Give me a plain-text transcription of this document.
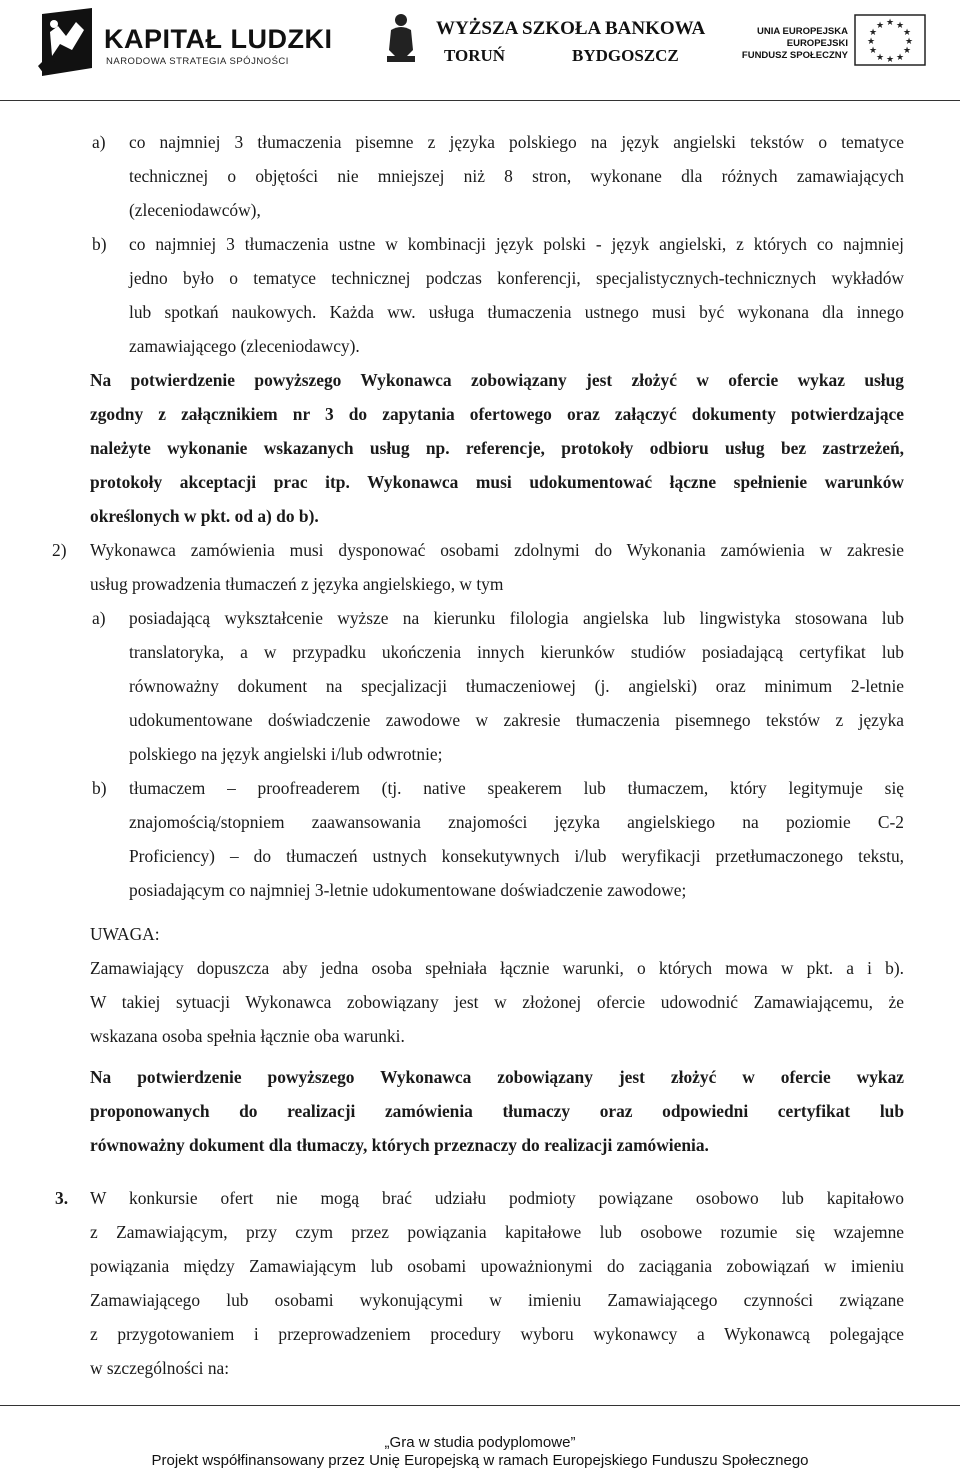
KAPITAŁ LUDZKI
NARODOWA STRATEGIA SPÓJNOŚCI
WYŻSZA SZKOŁA BANKOWA
TORUŃ	BYDGOSZCZ
UNIA EUROPEJSKA
EUROPEJSKI
FUNDUSZ SPOŁECZNY
★ ★
★
★
★
★
★
★
★
★
★
★
a) co najmniej 3 tłumaczenia pisemne z języka polskiego na język angielski tekstów o tematyce
technicznej o objętości nie mniejszej niż 8 stron, wykonane dla różnych zamawiających
(zleceniodawców),
b) co najmniej 3 tłumaczenia ustne w kombinacji język polski - język angielski, z których co najmniej
jedno było o tematyce technicznej podczas konferencji, specjalistycznych-technicznych wykładów
lub spotkań naukowych. Każda ww. usługa tłumaczenia ustnego musi być wykonana dla innego
zamawiającego (zleceniodawcy).
Na potwierdzenie powyższego Wykonawca zobowiązany jest złożyć w ofercie wykaz usług
zgodny z załącznikiem nr 3 do zapytania ofertowego oraz załączyć dokumenty potwierdzające
należyte wykonanie wskazanych usług np. referencje, protokoły odbioru usług bez zastrzeżeń,
protokoły akceptacji prac itp. Wykonawca musi udokumentować łączne spełnienie warunków
określonych w pkt. od a) do b).
2) Wykonawca zamówienia musi dysponować osobami zdolnymi do Wykonania zamówienia w zakresie
usług prowadzenia tłumaczeń z języka angielskiego, w tym
a) posiadającą wykształcenie wyższe na kierunku filologia angielska lub lingwistyka stosowana lub
translatoryka, a w przypadku ukończenia innych kierunków studiów posiadającą certyfikat lub
równoważny dokument na specjalizacji tłumaczeniowej (j. angielski) oraz minimum 2-letnie
udokumentowane doświadczenie zawodowe w zakresie tłumaczenia pisemnego tekstów z języka
polskiego na język angielski i/lub odwrotnie;
b) tłumaczem – proofreaderem (tj. native speakerem lub tłumaczem, który legitymuje się
znajomością/stopniem zaawansowania znajomości języka angielskiego na poziomie C-2
Proficiency) – do tłumaczeń ustnych konsekutywnych i/lub weryfikacji przetłumaczonego tekstu,
posiadającym co najmniej 3-letnie udokumentowane doświadczenie zawodowe;
UWAGA:
Zamawiający dopuszcza aby jedna osoba spełniała łącznie warunki, o których mowa w pkt. a i b).
W takiej sytuacji Wykonawca zobowiązany jest w złożonej ofercie udowodnić Zamawiającemu, że
wskazana osoba spełnia łącznie oba warunki.
Na potwierdzenie powyższego Wykonawca zobowiązany jest złożyć w ofercie wykaz
proponowanych do realizacji zamówienia tłumaczy oraz odpowiedni certyfikat lub
równoważny dokument dla tłumaczy, których przeznaczy do realizacji zamówienia.
3. W konkursie ofert nie mogą brać udziału podmioty powiązane osobowo lub kapitałowo
z Zamawiającym, przy czym przez powiązania kapitałowe lub osobowe rozumie się wzajemne
powiązania między Zamawiającym lub osobami upoważnionymi do zaciągania zobowiązań w imieniu
Zamawiającego lub osobami wykonującymi w imieniu Zamawiającego czynności związane
z przygotowaniem i przeprowadzeniem procedury wyboru wykonawcy a Wykonawcą polegające
w szczególności na:
„Gra w studia podyplomowe”
Projekt współfinansowany przez Unię Europejską w ramach Europejskiego Funduszu Społecznego
